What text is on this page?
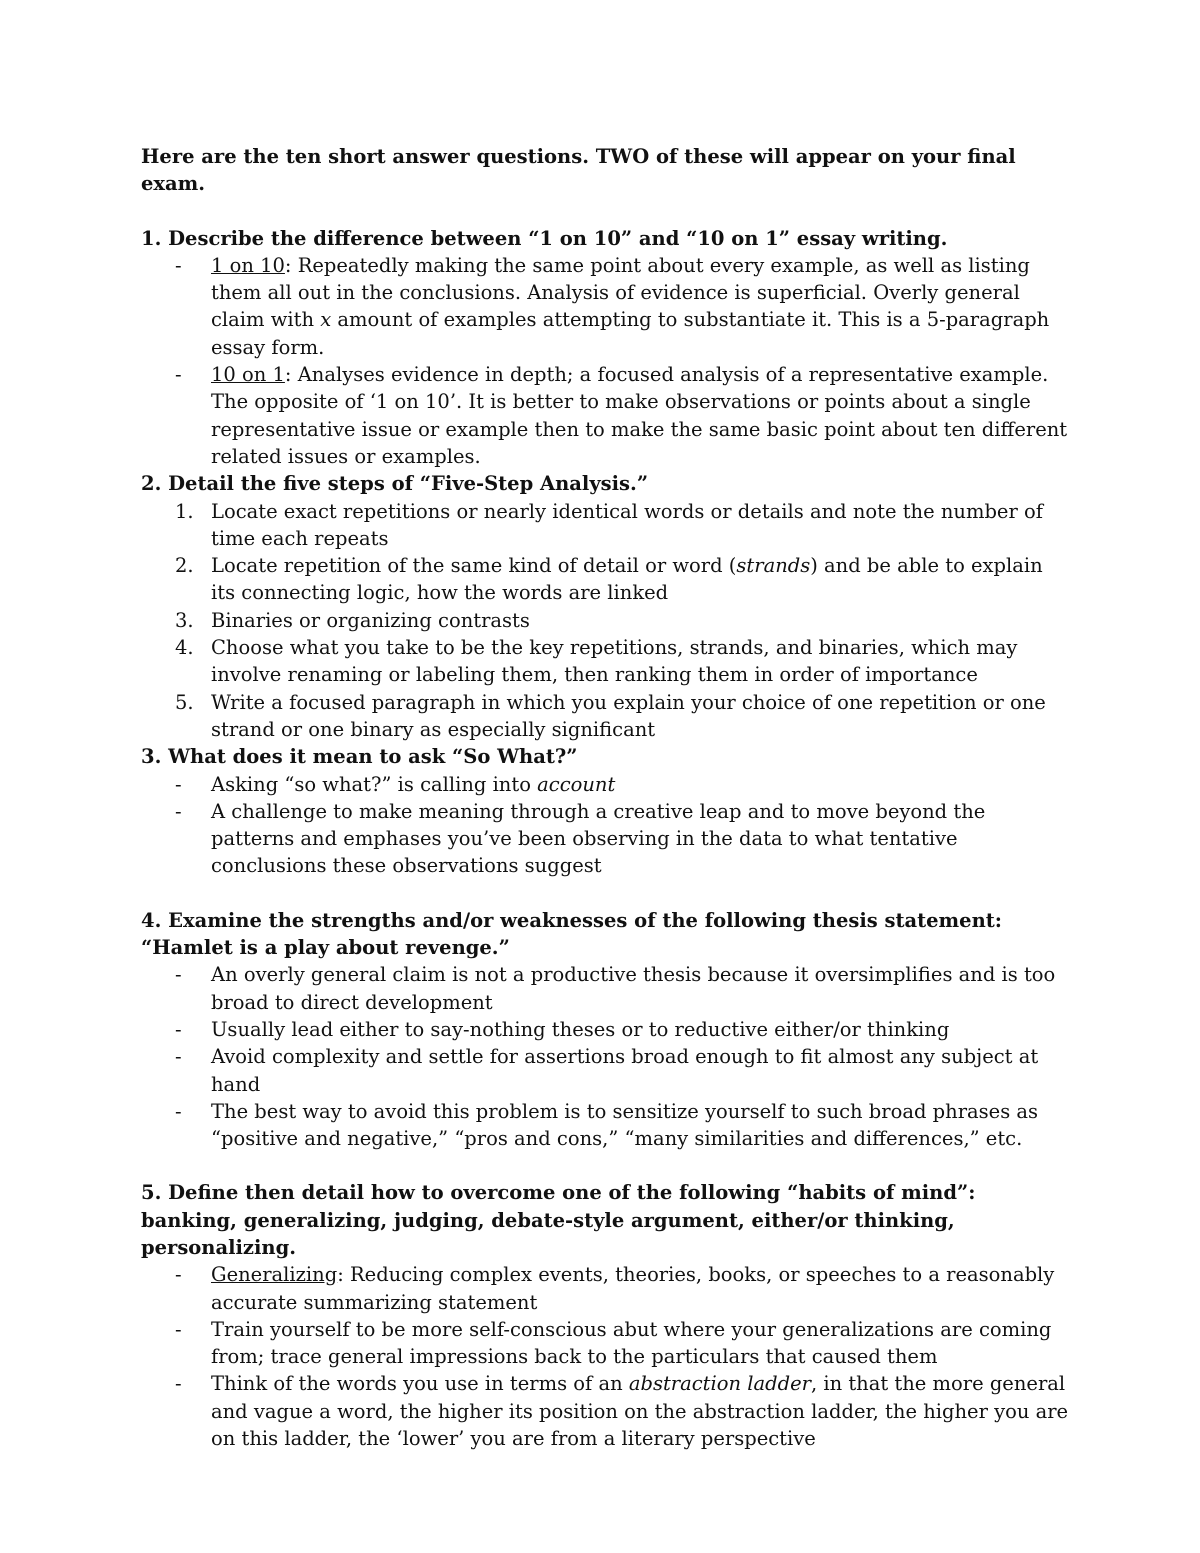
Here are the ten short answer questions. TWO of these will appear on your final exam.

1. Describe the difference between “1 on 10” and “10 on 1” essay writing.

- 1 on 10: Repeatedly making the same point about every example, as well as listing them all out in the conclusions. Analysis of evidence is superficial. Overly general claim with x amount of examples attempting to substantiate it. This is a 5-paragraph essay form.
- 10 on 1: Analyses evidence in depth; a focused analysis of a representative example. The opposite of ‘1 on 10’. It is better to make observations or points about a single representative issue or example then to make the same basic point about ten different related issues or examples.

2. Detail the five steps of “Five-Step Analysis.”

1. Locate exact repetitions or nearly identical words or details and note the number of time each repeats
2. Locate repetition of the same kind of detail or word (strands) and be able to explain its connecting logic, how the words are linked
3. Binaries or organizing contrasts
4. Choose what you take to be the key repetitions, strands, and binaries, which may involve renaming or labeling them, then ranking them in order of importance
5. Write a focused paragraph in which you explain your choice of one repetition or one strand or one binary as especially significant

3. What does it mean to ask “So What?”

- Asking “so what?” is calling into account
- A challenge to make meaning through a creative leap and to move beyond the patterns and emphases you’ve been observing in the data to what tentative conclusions these observations suggest

4. Examine the strengths and/or weaknesses of the following thesis statement: “Hamlet is a play about revenge.”

- An overly general claim is not a productive thesis because it oversimplifies and is too broad to direct development
- Usually lead either to say-nothing theses or to reductive either/or thinking
- Avoid complexity and settle for assertions broad enough to fit almost any subject at hand
- The best way to avoid this problem is to sensitize yourself to such broad phrases as “positive and negative,” “pros and cons,” “many similarities and differences,” etc.

5. Define then detail how to overcome one of the following “habits of mind”: banking, generalizing, judging, debate-style argument, either/or thinking, personalizing.

- Generalizing: Reducing complex events, theories, books, or speeches to a reasonably accurate summarizing statement
- Train yourself to be more self-conscious abut where your generalizations are coming from; trace general impressions back to the particulars that caused them
- Think of the words you use in terms of an abstraction ladder, in that the more general and vague a word, the higher its position on the abstraction ladder, the higher you are on this ladder, the ‘lower’ you are from a literary perspective
